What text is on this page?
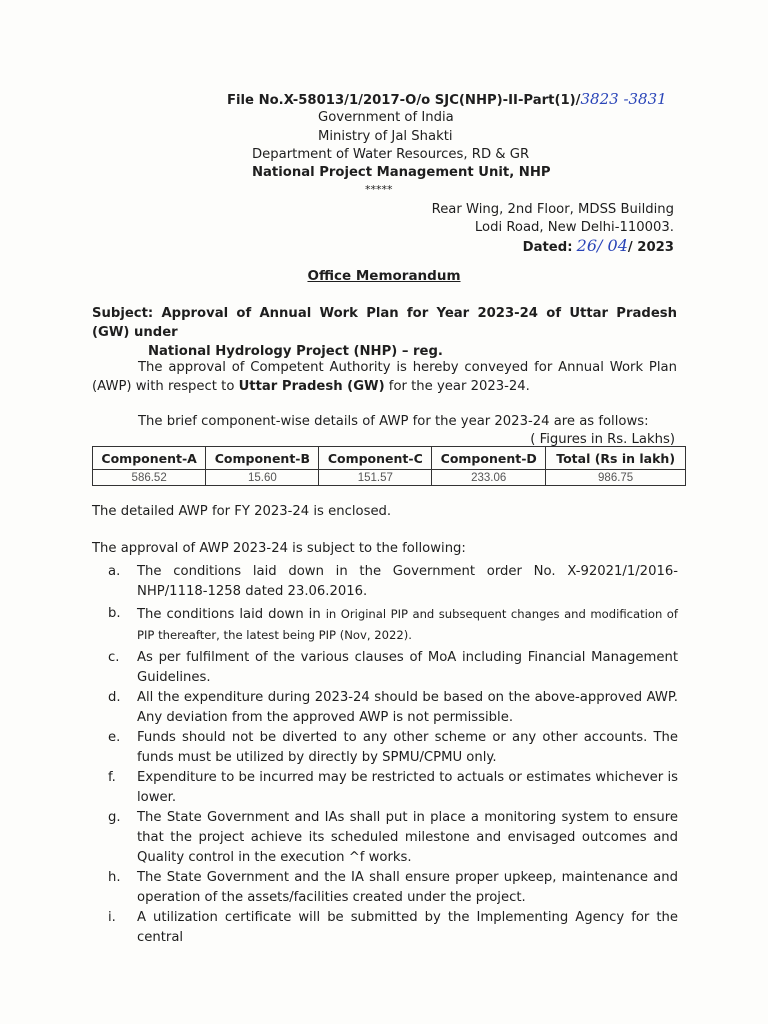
File No.X-58013/1/2017-O/o SJC(NHP)-II-Part(1)/3823 -3831
Government of India
Ministry of Jal Shakti
Department of Water Resources, RD & GR
National Project Management Unit, NHP
*****
Rear Wing, 2nd Floor, MDSS Building
Lodi Road, New Delhi-110003.
Dated: 26/ 04/ 2023
Office Memorandum
Subject: Approval of Annual Work Plan for Year 2023-24 of Uttar Pradesh (GW) under
National Hydrology Project (NHP) – reg.
The approval of Competent Authority is hereby conveyed for Annual Work Plan (AWP) with respect to Uttar Pradesh (GW) for the year 2023-24.
The brief component-wise details of AWP for the year 2023-24 are as follows:
( Figures in Rs. Lakhs)
Component-A	Component-B	Component-C	Component-D	Total (Rs in lakh)
586.52	15.60	151.57	233.06	986.75
The detailed AWP for FY 2023-24 is enclosed.
The approval of AWP 2023-24 is subject to the following:
a. The conditions laid down in the Government order No. X-92021/1/2016-NHP/1118-1258 dated 23.06.2016.
b. The conditions laid down in in Original PIP and subsequent changes and modification of PIP thereafter, the latest being PIP (Nov, 2022).
c. As per fulfilment of the various clauses of MoA including Financial Management Guidelines.
d. All the expenditure during 2023-24 should be based on the above-approved AWP. Any deviation from the approved AWP is not permissible.
e. Funds should not be diverted to any other scheme or any other accounts. The funds must be utilized by directly by SPMU/CPMU only.
f. Expenditure to be incurred may be restricted to actuals or estimates whichever is lower.
g. The State Government and IAs shall put in place a monitoring system to ensure that the project achieve its scheduled milestone and envisaged outcomes and Quality control in the execution ^f works.
h. The State Government and the IA shall ensure proper upkeep, maintenance and operation of the assets/facilities created under the project.
i. A utilization certificate will be submitted by the Implementing Agency for the central
